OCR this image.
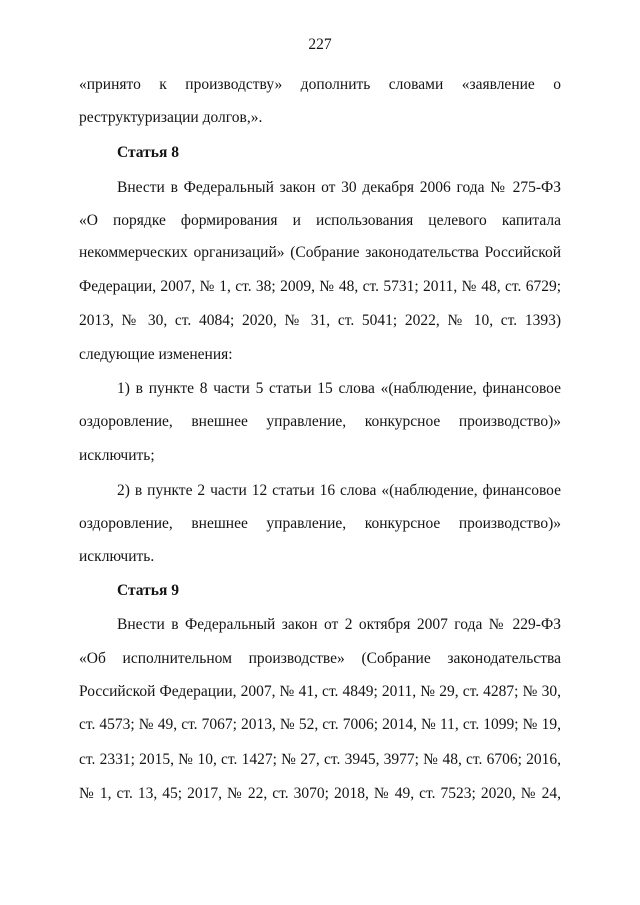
227
«принято к производству» дополнить словами «заявление о
реструктуризации долгов,».
Статья 8
Внести в Федеральный закон от 30 декабря 2006 года № 275-ФЗ
«О порядке формирования и использования целевого капитала
некоммерческих организаций» (Собрание законодательства Российской
Федерации, 2007, № 1, ст. 38; 2009, № 48, ст. 5731; 2011, № 48, ст. 6729;
2013, № 30, ст. 4084; 2020, № 31, ст. 5041; 2022, № 10, ст. 1393)
следующие изменения:
1) в пункте 8 части 5 статьи 15 слова «(наблюдение, финансовое
оздоровление, внешнее управление, конкурсное производство)»
исключить;
2) в пункте 2 части 12 статьи 16 слова «(наблюдение, финансовое
оздоровление, внешнее управление, конкурсное производство)»
исключить.
Статья 9
Внести в Федеральный закон от 2 октября 2007 года № 229-ФЗ
«Об исполнительном производстве» (Собрание законодательства
Российской Федерации, 2007, № 41, ст. 4849; 2011, № 29, ст. 4287; № 30,
ст. 4573; № 49, ст. 7067; 2013, № 52, ст. 7006; 2014, № 11, ст. 1099; № 19,
ст. 2331; 2015, № 10, ст. 1427; № 27, ст. 3945, 3977; № 48, ст. 6706; 2016,
№ 1, ст. 13, 45; 2017, № 22, ст. 3070; 2018, № 49, ст. 7523; 2020, № 24,
